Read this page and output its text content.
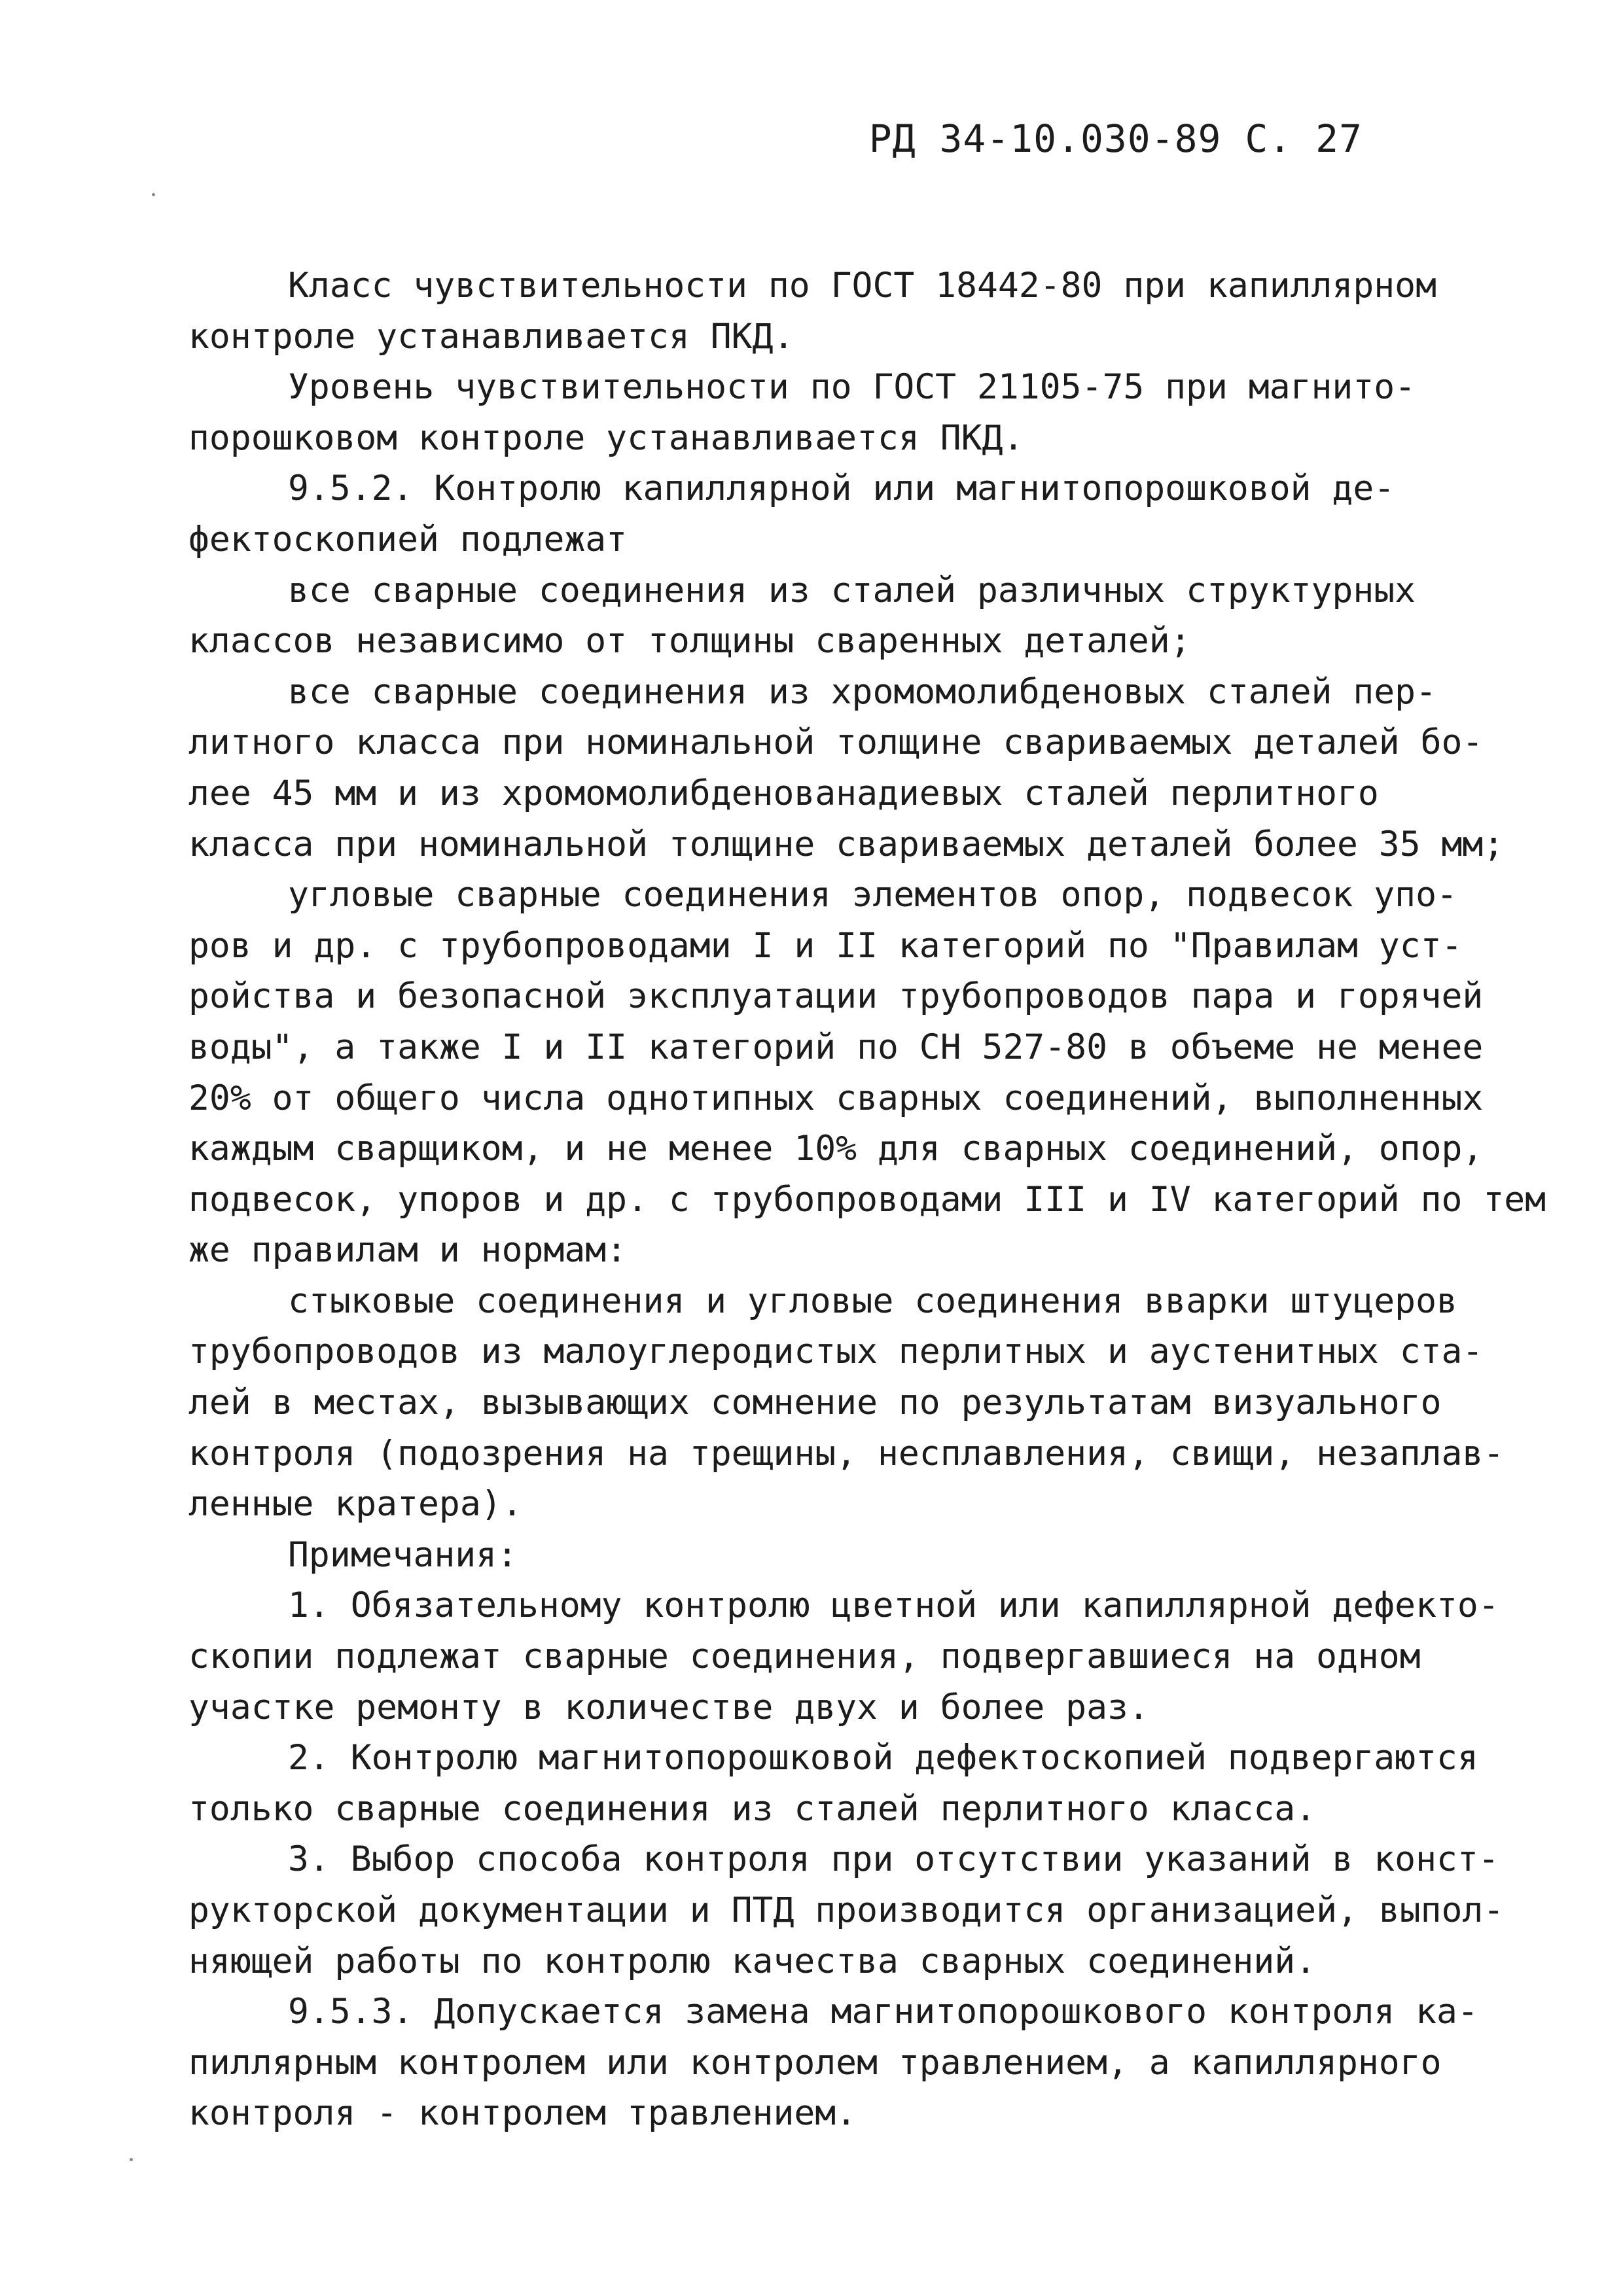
РД 34-10.030-89 С. 27
Класс чувствительности по ГОСТ 18442-80 при капиллярном
контроле устанавливается ПКД.
Уровень чувствительности по ГОСТ 21105-75 при магнито-
порошковом контроле устанавливается ПКД.
9.5.2. Контролю капиллярной или магнитопорошковой де-
фектоскопией подлежат
все сварные соединения из сталей различных структурных
классов независимо от толщины сваренных деталей;
все сварные соединения из хромомолибденовых сталей пер-
литного класса при номинальной толщине свариваемых деталей бо-
лее 45 мм и из хромомолибденованадиевых сталей перлитного
класса при номинальной толщине свариваемых деталей более 35 мм;
угловые сварные соединения элементов опор, подвесок упо-
ров и др. с трубопроводами I и II категорий по "Правилам уст-
ройства и безопасной эксплуатации трубопроводов пара и горячей
воды", а также I и II категорий по СН 527-80 в объеме не менее
20% от общего числа однотипных сварных соединений, выполненных
каждым сварщиком, и не менее 10% для сварных соединений, опор,
подвесок, упоров и др. с трубопроводами III и IV категорий по тем
же правилам и нормам:
стыковые соединения и угловые соединения вварки штуцеров
трубопроводов из малоуглеродистых перлитных и аустенитных ста-
лей в местах, вызывающих сомнение по результатам визуального
контроля (подозрения на трещины, несплавления, свищи, незаплав-
ленные кратера).
Примечания:
1. Обязательному контролю цветной или капиллярной дефекто-
скопии подлежат сварные соединения, подвергавшиеся на одном
участке ремонту в количестве двух и более раз.
2. Контролю магнитопорошковой дефектоскопией подвергаются
только сварные соединения из сталей перлитного класса.
3. Выбор способа контроля при отсутствии указаний в конст-
рукторской документации и ПТД производится организацией, выпол-
няющей работы по контролю качества сварных соединений.
9.5.3. Допускается замена магнитопорошкового контроля ка-
пиллярным контролем или контролем травлением, а капиллярного
контроля - контролем травлением.
